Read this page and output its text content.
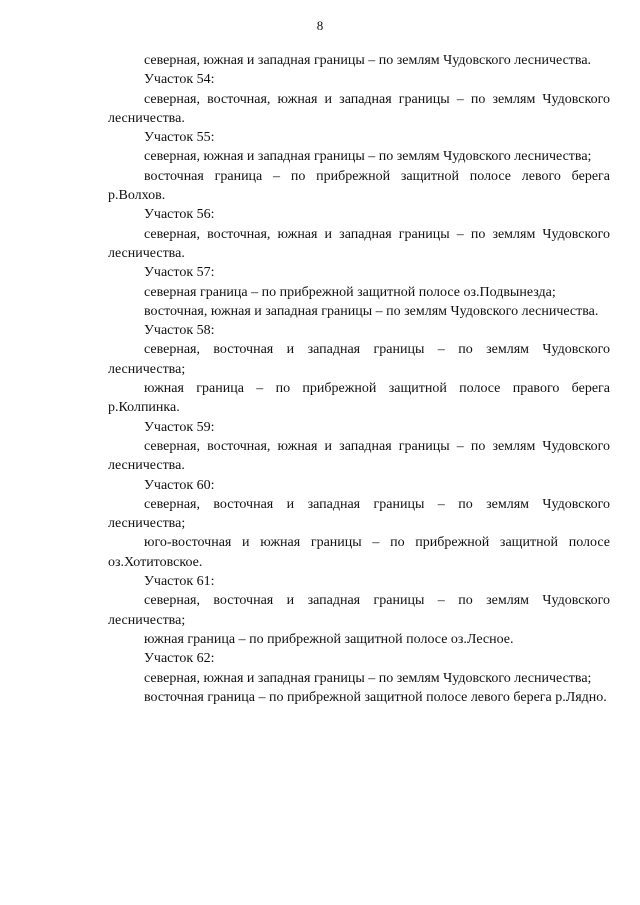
8

северная, южная и западная границы – по землям Чудовского лесничества.

Участок 54:

северная, восточная, южная и западная границы – по землям Чудовского лесничества.

Участок 55:

северная, южная и западная границы – по землям Чудовского лесничества;

восточная граница – по прибрежной защитной полосе левого берега р.Волхов.

Участок 56:

северная, восточная, южная и западная границы – по землям Чудовского лесничества.

Участок 57:

северная граница – по прибрежной защитной полосе оз.Подвынезда;

восточная, южная и западная границы – по землям Чудовского лесничества.

Участок 58:

северная, восточная и западная границы – по землям Чудовского лесничества;

южная граница – по прибрежной защитной полосе правого берега р.Колпинка.

Участок 59:

северная, восточная, южная и западная границы – по землям Чудовского лесничества.

Участок 60:

северная, восточная и западная границы – по землям Чудовского лесничества;

юго-восточная и южная границы – по прибрежной защитной полосе оз.Хотитовское.

Участок 61:

северная, восточная и западная границы – по землям Чудовского лесничества;

южная граница – по прибрежной защитной полосе оз.Лесное.

Участок 62:

северная, южная и западная границы – по землям Чудовского лесничества;

восточная граница – по прибрежной защитной полосе левого берега р.Лядно.
